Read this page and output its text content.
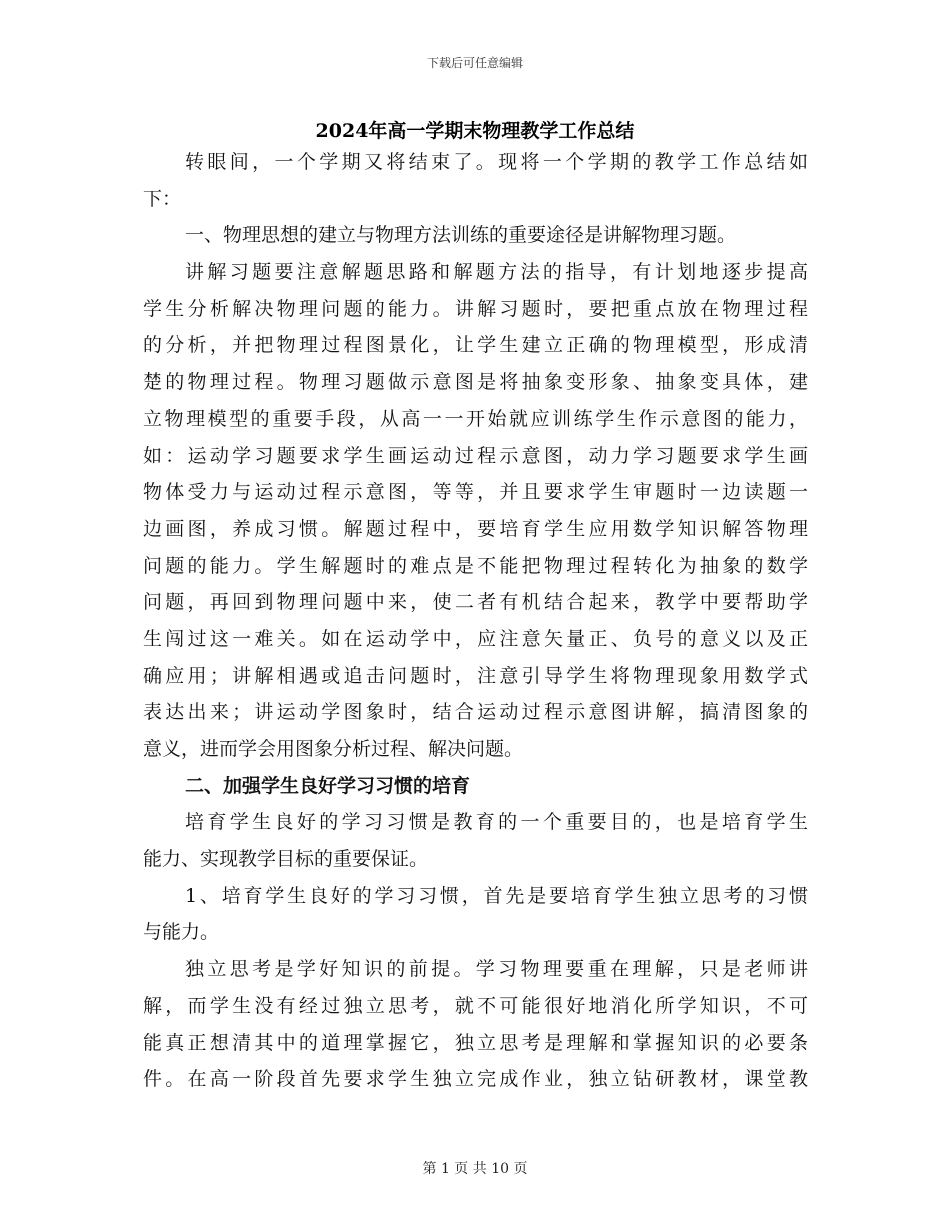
下载后可任意编辑
2024年高一学期末物理教学工作总结
转眼间，一个学期又将结束了。现将一个学期的教学工作总结如
下：
一、物理思想的建立与物理方法训练的重要途径是讲解物理习题。
讲解习题要注意解题思路和解题方法的指导，有计划地逐步提高
学生分析解决物理问题的能力。讲解习题时，要把重点放在物理过程
的分析，并把物理过程图景化，让学生建立正确的物理模型，形成清
楚的物理过程。物理习题做示意图是将抽象变形象、抽象变具体，建
立物理模型的重要手段，从高一一开始就应训练学生作示意图的能力，
如：运动学习题要求学生画运动过程示意图，动力学习题要求学生画
物体受力与运动过程示意图，等等，并且要求学生审题时一边读题一
边画图，养成习惯。解题过程中，要培育学生应用数学知识解答物理
问题的能力。学生解题时的难点是不能把物理过程转化为抽象的数学
问题，再回到物理问题中来，使二者有机结合起来，教学中要帮助学
生闯过这一难关。如在运动学中，应注意矢量正、负号的意义以及正
确应用；讲解相遇或追击问题时，注意引导学生将物理现象用数学式
表达出来；讲运动学图象时，结合运动过程示意图讲解，搞清图象的
意义，进而学会用图象分析过程、解决问题。
二、加强学生良好学习习惯的培育
培育学生良好的学习习惯是教育的一个重要目的，也是培育学生
能力、实现教学目标的重要保证。
1、培育学生良好的学习习惯，首先是要培育学生独立思考的习惯
与能力。
独立思考是学好知识的前提。学习物理要重在理解，只是老师讲
解，而学生没有经过独立思考，就不可能很好地消化所学知识，不可
能真正想清其中的道理掌握它，独立思考是理解和掌握知识的必要条
件。在高一阶段首先要求学生独立完成作业，独立钻研教材，课堂教
第 1 页 共 10 页
